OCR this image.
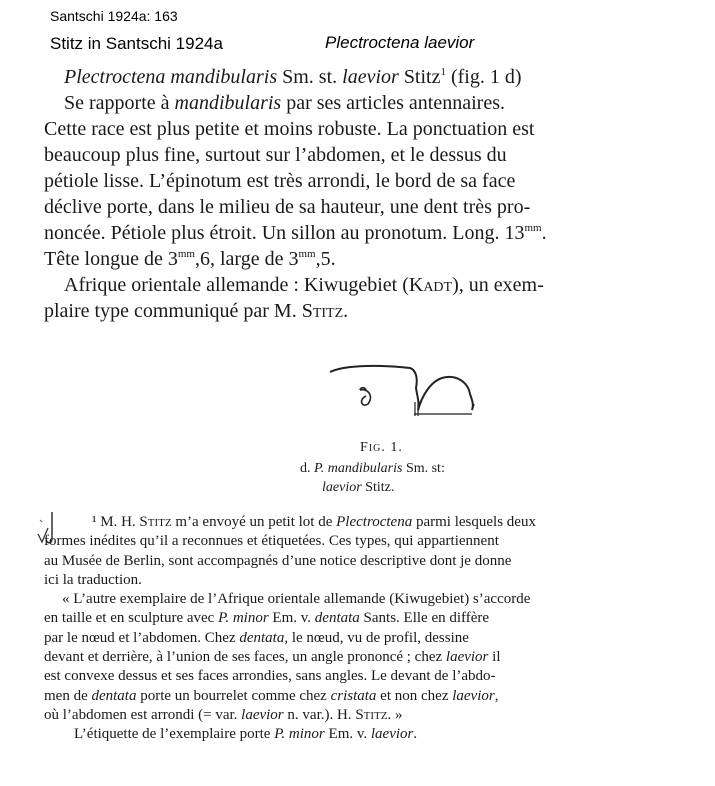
Santschi 1924a: 163
Stitz in Santschi 1924a	Plectroctena laevior
Plectroctena mandibularis Sm. st. laevior Stitz$^1$ (fig. 1 d)
Se rapporte à mandibularis par ses articles antennaires.
Cette race est plus petite et moins robuste. La ponctuation est
beaucoup plus fine, surtout sur l’abdomen, et le dessus du
pétiole lisse. L’épinotum est très arrondi, le bord de sa face
déclive porte, dans le milieu de sa hauteur, une dent très pro-
noncée. Pétiole plus étroit. Un sillon au pronotum. Long. $13^{mm}$.
Tête longue de $3^{mm},6$, large de $3^{mm},5$.
Afrique orientale allemande : Kiwugebiet (Kadt), un exem-
plaire type communiqué par M. Stitz.
Fig. 1.
d. P. mandibularis Sm. st:
laevior Stitz.
¹ M. H. Stitz m’a envoyé un petit lot de Plectroctena parmi lesquels deux
formes inédites qu’il a reconnues et étiquetées. Ces types, qui appartiennent
au Musée de Berlin, sont accompagnés d’une notice descriptive dont je donne
ici la traduction.
« L’autre exemplaire de l’Afrique orientale allemande (Kiwugebiet) s’accorde
en taille et en sculpture avec P. minor Em. v. dentata Sants. Elle en diffère
par le nœud et l’abdomen. Chez dentata, le nœud, vu de profil, dessine
devant et derrière, à l’union de ses faces, un angle prononcé ; chez laevior il
est convexe dessus et ses faces arrondies, sans angles. Le devant de l’abdo-
men de dentata porte un bourrelet comme chez cristata et non chez laevior,
où l’abdomen est arrondi (= var. laevior n. var.). H. Stitz. »
L’étiquette de l’exemplaire porte P. minor Em. v. laevior.
